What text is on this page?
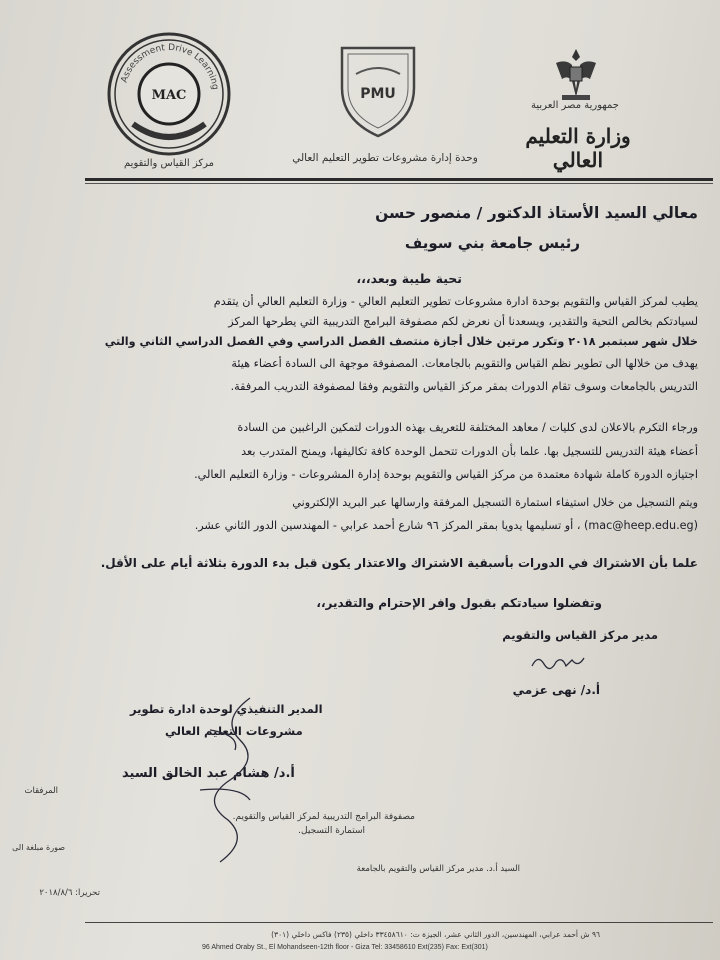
Assessment Drive Learning
MAC
مركز القياس والتقويم
PMU
وحدة إدارة مشروعات تطوير التعليم العالي
جمهورية مصر العربية
وزارة التعليم العالي
معالي السيد الأستاذ الدكتور / منصور حسن
رئيس جامعة بني سويف
تحية طيبة وبعد،،،
يطيب لمركز القياس والتقويم بوحدة ادارة مشروعات تطوير التعليم العالي - وزارة التعليم العالي أن يتقدم
لسيادتكم بخالص التحية والتقدير، ويسعدنا أن نعرض لكم مصفوفة البرامج التدريبية التي يطرحها المركز
خلال شهر سبتمبر ٢٠١٨ وتكرر مرتين خلال أجازة منتصف الفصل الدراسي وفي الفصل الدراسي الثاني والتي
يهدف من خلالها الى تطوير نظم القياس والتقويم بالجامعات. المصفوفة موجهة الى السادة أعضاء هيئة
التدريس بالجامعات وسوف تقام الدورات بمقر مركز القياس والتقويم وفقا لمصفوفة التدريب المرفقة.
ورجاء التكرم بالاعلان لدى كليات / معاهد المختلفة للتعريف بهذه الدورات لتمكين الراغبين من السادة
أعضاء هيئة التدريس للتسجيل بها. علما بأن الدورات تتحمل الوحدة كافة تكاليفها، ويمنح المتدرب بعد
اجتيازه الدورة كاملة شهادة معتمدة من مركز القياس والتقويم بوحدة إدارة المشروعات - وزارة التعليم العالي.
ويتم التسجيل من خلال استيفاء استمارة التسجيل المرفقة وارسالها عبر البريد الإلكتروني
(mac@heep.edu.eg) ، أو تسليمها يدويا بمقر المركز ٩٦ شارع أحمد عرابي - المهندسين الدور الثاني عشر.
علما بأن الاشتراك في الدورات بأسبقية الاشتراك والاعتذار يكون قبل بدء الدورة بثلاثة أيام على الأقل.
وتفضلوا سيادتكم بقبول وافر الإحترام والتقدير،،
مدير مركز القياس والتقويم
أ.د/ نهى عزمي
المدير التنفيذي لوحدة ادارة تطوير
مشروعات التعليم العالي
أ.د/ هشام عبد الخالق السيد
المرفقات
مصفوفة البرامج التدريبية لمركز القياس والتقويم.
استمارة التسجيل.
صورة مبلغة الى
السيد أ.د. مدير مركز القياس والتقويم بالجامعة
تحريرا: ٢٠١٨/٨/٦
٩٦ ش أحمد عرابي، المهندسين، الدور الثاني عشر، الجيزة ت: ٣٣٤٥٨٦١٠ داخلي (٢٣٥) فاكس داخلي (٣٠١)
96 Ahmed Oraby St., El Mohandseen-12th floor - Giza Tel: 33458610 Ext(235) Fax: Ext(301)
